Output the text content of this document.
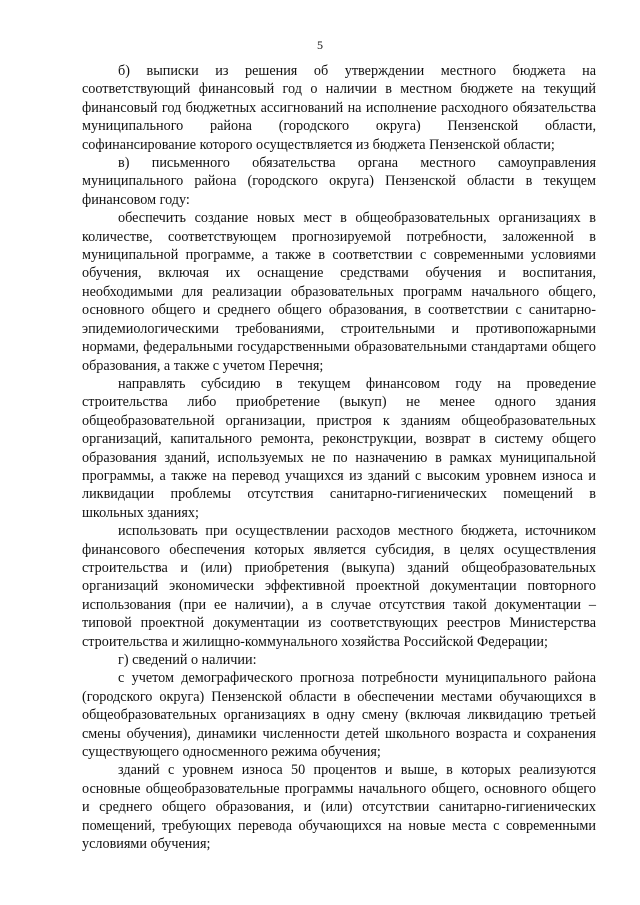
5

б) выписки из решения об утверждении местного бюджета на соответствующий финансовый год о наличии в местном бюджете на текущий финансовый год бюджетных ассигнований на исполнение расходного обязательства муниципального района (городского округа) Пензенской области, софинансирование которого осуществляется из бюджета Пензенской области;

в) письменного обязательства органа местного самоуправления муниципального района (городского округа) Пензенской области в текущем финансовом году:

обеспечить создание новых мест в общеобразовательных организациях в количестве, соответствующем прогнозируемой потребности, заложенной в муниципальной программе, а также в соответствии с современными условиями обучения, включая их оснащение средствами обучения и воспитания, необходимыми для реализации образовательных программ начального общего, основного общего и среднего общего образования, в соответствии с санитарно-эпидемиологическими требованиями, строительными и противопожарными нормами, федеральными государственными образовательными стандартами общего образования, а также с учетом Перечня;

направлять субсидию в текущем финансовом году на проведение строительства либо приобретение (выкуп) не менее одного здания общеобразовательной организации, пристроя к зданиям общеобразовательных организаций, капитального ремонта, реконструкции, возврат в систему общего образования зданий, используемых не по назначению в рамках муниципальной программы, а также на перевод учащихся из зданий с высоким уровнем износа и ликвидации проблемы отсутствия санитарно-гигиенических помещений в школьных зданиях;

использовать при осуществлении расходов местного бюджета, источником финансового обеспечения которых является субсидия, в целях осуществления строительства и (или) приобретения (выкупа) зданий общеобразовательных организаций экономически эффективной проектной документации повторного использования (при ее наличии), а в случае отсутствия такой документации – типовой проектной документации из соответствующих реестров Министерства строительства и жилищно-коммунального хозяйства Российской Федерации;

г) сведений о наличии:

с учетом демографического прогноза потребности муниципального района (городского округа) Пензенской области в обеспечении местами обучающихся в общеобразовательных организациях в одну смену (включая ликвидацию третьей смены обучения), динамики численности детей школьного возраста и сохранения существующего односменного режима обучения;

зданий с уровнем износа 50 процентов и выше, в которых реализуются основные общеобразовательные программы начального общего, основного общего и среднего общего образования, и (или) отсутствии санитарно-гигиенических помещений, требующих перевода обучающихся на новые места с современными условиями обучения;
